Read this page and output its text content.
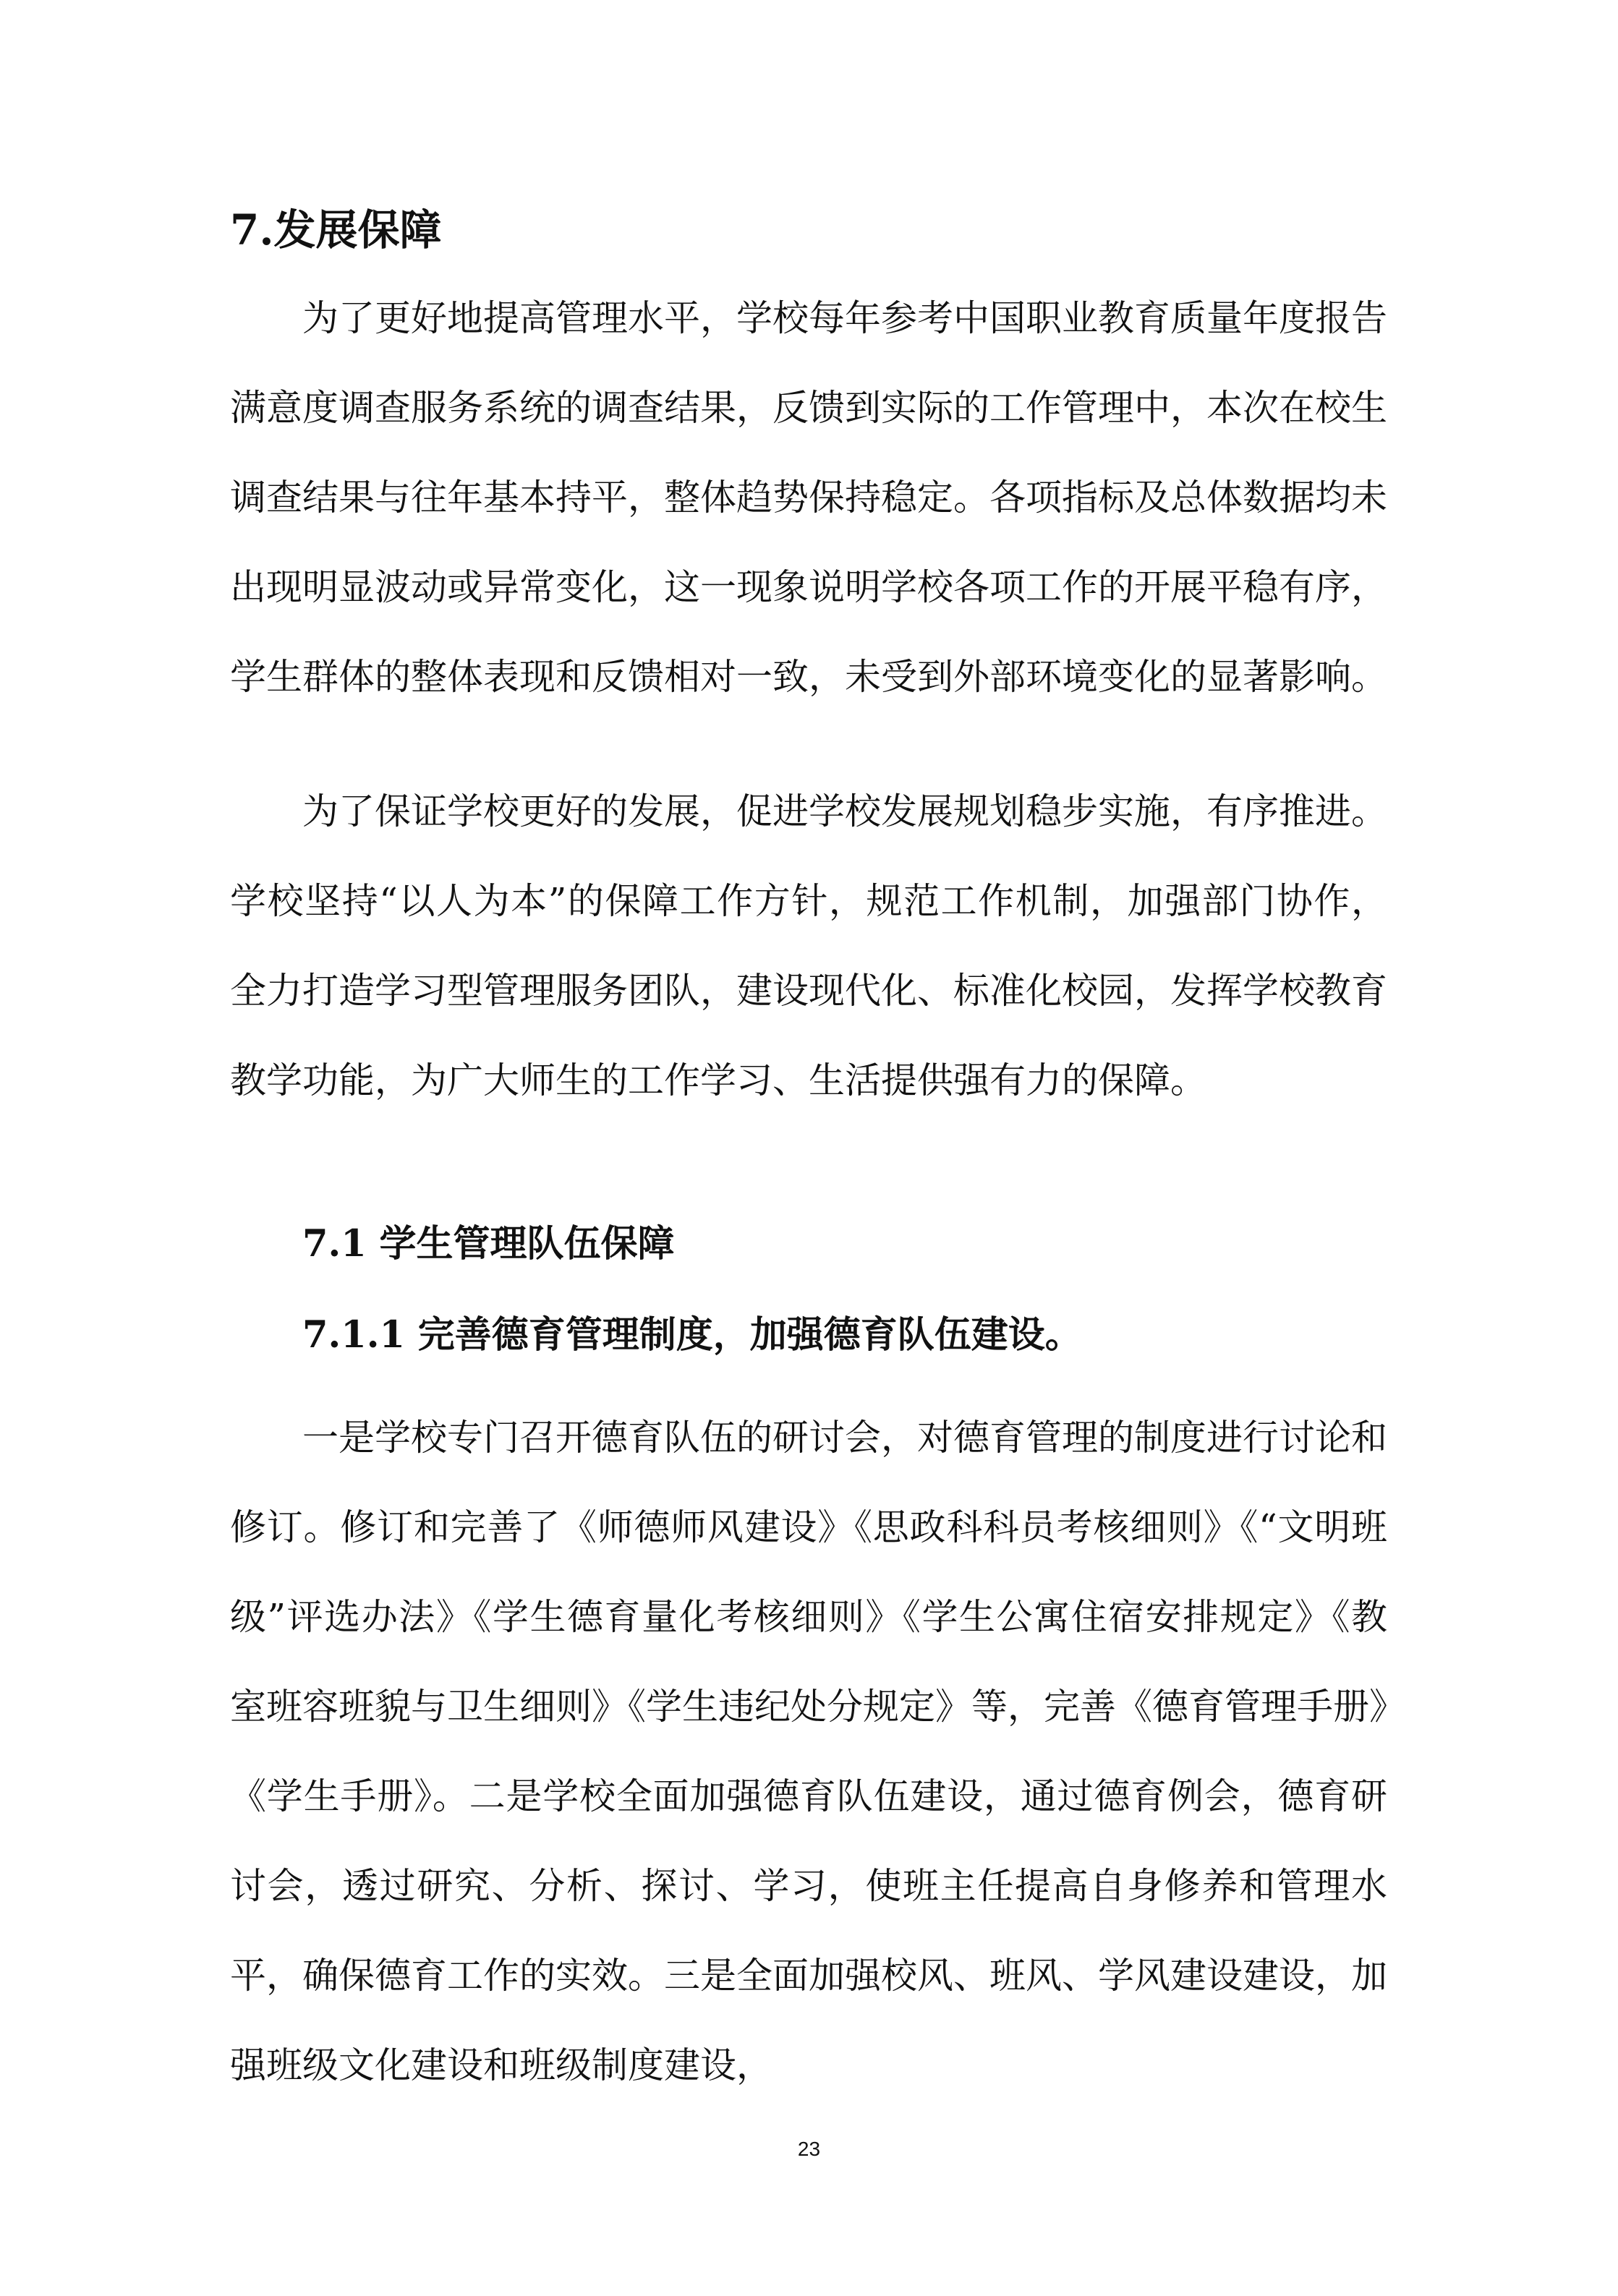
7.发展保障

为了更好地提高管理水平，学校每年参考中国职业教育质量年度报告满意度调查服务系统的调查结果，反馈到实际的工作管理中，本次在校生调查结果与往年基本持平，整体趋势保持稳定。各项指标及总体数据均未出现明显波动或异常变化，这一现象说明学校各项工作的开展平稳有序，学生群体的整体表现和反馈相对一致，未受到外部环境变化的显著影响。

为了保证学校更好的发展，促进学校发展规划稳步实施，有序推进。学校坚持“以人为本”的保障工作方针，规范工作机制，加强部门协作，全力打造学习型管理服务团队，建设现代化、标准化校园，发挥学校教育教学功能，为广大师生的工作学习、生活提供强有力的保障。

7.1 学生管理队伍保障
7.1.1 完善德育管理制度，加强德育队伍建设。

一是学校专门召开德育队伍的研讨会，对德育管理的制度进行讨论和修订。修订和完善了《师德师风建设》《思政科科员考核细则》《“文明班级”评选办法》《学生德育量化考核细则》《学生公寓住宿安排规定》《教室班容班貌与卫生细则》《学生违纪处分规定》等，完善《德育管理手册》《学生手册》。二是学校全面加强德育队伍建设，通过德育例会，德育研讨会，透过研究、分析、探讨、学习，使班主任提高自身修养和管理水平，确保德育工作的实效。三是全面加强校风、班风、学风建设建设，加强班级文化建设和班级制度建设，

23
